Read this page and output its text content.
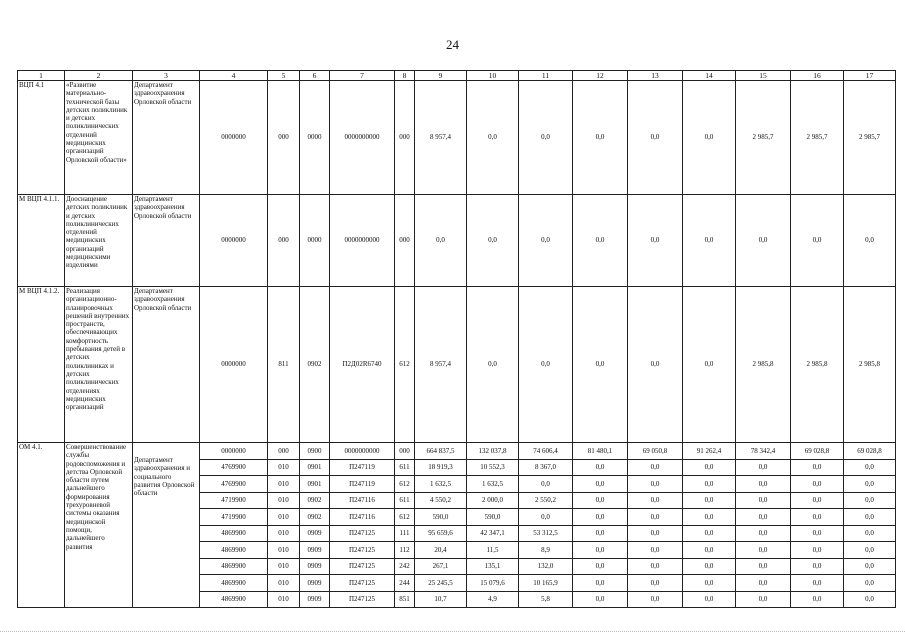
24
1	2	3	4	5	6	7	8	9	10	11	12	13	14	15	16	17
ВЦП 4.1	«Развитие материально-технической базы детских поликлиник и детских поликлиничеcких отделений медицинских организаций Орловской области»	Департамент здравоохранения Орловской области	0000000	000	0000	0000000000	000	8 957,4	0,0	0,0	0,0	0,0	0,0	2 985,7	2 985,7	2 985,7
М ВЦП 4.1.1.	Дооснащение детских поликлиник и детских поликлиничеcких отделений медицинских организаций медицинскими изделиями	Департамент здравоохранения Орловской области	0000000	000	0000	0000000000	000	0,0	0,0	0,0	0,0	0,0	0,0	0,0	0,0	0,0
М ВЦП 4.1.2.	Реализация организационно-планировочных решений внутренних пространств, обеспечивающих комфортность пребывания детей в детских поликлиниках и детских поликлиничеcких отделениях медицинских организаций	Департамент здравоохранения Орловской области	0000000	811	0902	П2Д02R6740	612	8 957,4	0,0	0,0	0,0	0,0	0,0	2 985,8	2 985,8	2 985,8
ОМ 4.1.	Совершенствование службы родовспоможения и детства Орловской области путем дальнейшего формирования трехуровневой системы оказания медицинской помощи, дальнейшего развития	Департамент здравоохранения и социального развития Орловской области	0000000	000	0900	0000000000	000	664 837,5	132 037,8	74 606,4	81 480,1	69 050,8	91 262,4	78 342,4	69 028,8	69 028,8
			4769900	010	0901	П247119	611	18 919,3	10 552,3	8 367,0	0,0	0,0	0,0	0,0	0,0	0,0
			4769900	010	0901	П247119	612	1 632,5	1 632,5	0,0	0,0	0,0	0,0	0,0	0,0	0,0
			4719900	010	0902	П247116	611	4 550,2	2 000,0	2 550,2	0,0	0,0	0,0	0,0	0,0	0,0
			4719900	010	0902	П247116	612	590,0	590,0	0,0	0,0	0,0	0,0	0,0	0,0	0,0
			4869900	010	0909	П247125	111	95 659,6	42 347,1	53 312,5	0,0	0,0	0,0	0,0	0,0	0,0
			4869900	010	0909	П247125	112	20,4	11,5	8,9	0,0	0,0	0,0	0,0	0,0	0,0
			4869900	010	0909	П247125	242	267,1	135,1	132,0	0,0	0,0	0,0	0,0	0,0	0,0
			4869900	010	0909	П247125	244	25 245,5	15 079,6	10 165,9	0,0	0,0	0,0	0,0	0,0	0,0
			4869900	010	0909	П247125	851	10,7	4,9	5,8	0,0	0,0	0,0	0,0	0,0	0,0
